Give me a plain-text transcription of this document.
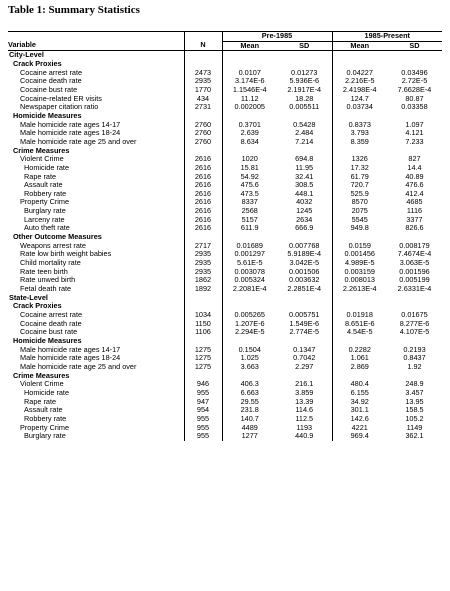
Table 1: Summary Statistics
		Pre-1985		1985-Present	
Variable	N	Mean	SD	Mean	SD
City-Level					
Crack Proxies					
Cocaine arrest rate	2473	0.0107	0.01273	0.04227	0.03496
Cocaine death rate	2935	3.174E-6	5.936E-6	2.216E-5	2.72E-5
Cocaine bust rate	1770	1.1546E-4	2.1917E-4	2.4198E-4	7.6628E-4
Cocaine-related ER visits	434	11.12	18.28	124.7	80.87
Newspaper citation ratio	2731	0.002005	0.005511	0.03734	0.03358
Homicide Measures					
Male homicide rate ages 14-17	2760	0.3701	0.5428	0.8373	1.097
Male homicide rate ages 18-24	2760	2.639	2.484	3.793	4.121
Male homicide rate age 25 and over	2760	8.634	7.214	8.359	7.233
Crime Measures					
Violent Crime	2616	1020	694.8	1326	827
Homicide rate	2616	15.81	11.95	17.32	14.4
Rape rate	2616	54.92	32.41	61.79	40.89
Assault rate	2616	475.6	308.5	720.7	476.6
Robbery rate	2616	473.5	448.1	525.9	412.4
Property Crime	2616	8337	4032	8570	4685
Burglary rate	2616	2568	1245	2075	1116
Larceny rate	2616	5157	2634	5545	3377
Auto theft rate	2616	611.9	666.9	949.8	826.6
Other Outcome Measures					
Weapons arrest rate	2717	0.01689	0.007768	0.0159	0.008179
Rate low birth weight babies	2935	0.001297	5.9189E-4	0.001456	7.4674E-4
Child mortality rate	2935	5.61E-5	3.042E-5	4.989E-5	3.063E-5
Rate teen birth	2935	0.003078	0.001506	0.003159	0.001596
Rate unwed birth	1862	0.005324	0.003632	0.008013	0.005199
Fetal death rate	1892	2.2081E-4	2.2851E-4	2.2613E-4	2.6331E-4
State-Level					
Crack Proxies					
Cocaine arrest rate	1034	0.005265	0.005751	0.01918	0.01675
Cocaine death rate	1150	1.207E-6	1.549E-6	8.651E-6	8.277E-6
Cocaine bust rate	1106	2.294E-5	2.774E-5	4.54E-5	4.107E-5
Homicide Measures					
Male homicide rate ages 14-17	1275	0.1504	0.1347	0.2282	0.2193
Male homicide rate ages 18-24	1275	1.025	0.7042	1.061	0.8437
Male homicide rate age 25 and over	1275	3.663	2.297	2.869	1.92
Crime Measures					
Violent Crime	946	406.3	216.1	480.4	248.9
Homicide rate	955	6.663	3.859	6.155	3.457
Rape rate	947	29.55	13.39	34.92	13.95
Assault rate	954	231.8	114.6	301.1	158.5
Robbery rate	955	140.7	112.5	142.6	105.2
Property Crime	955	4489	1193	4221	1149
Burglary rate	955	1277	440.9	969.4	362.1
